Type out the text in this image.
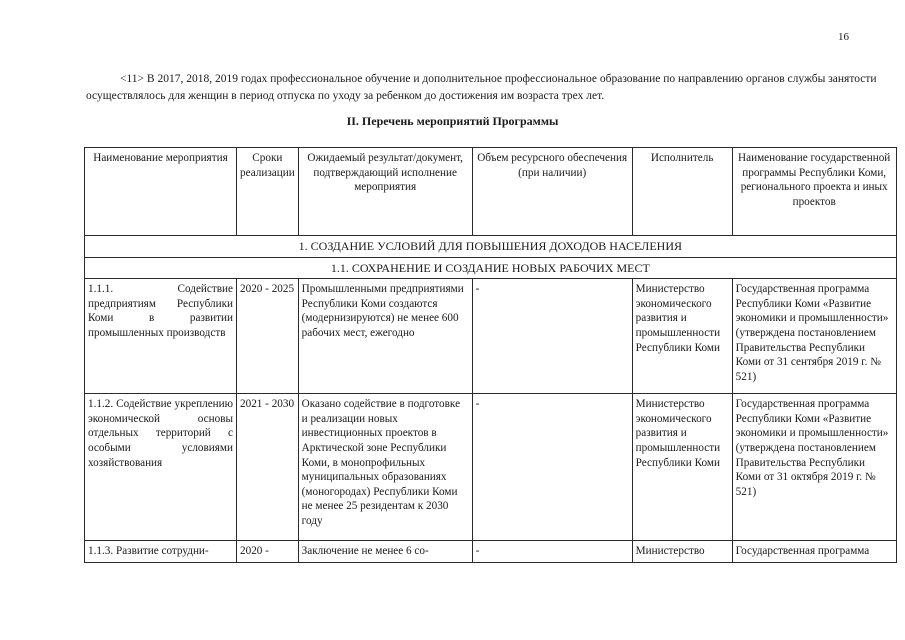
16

<11> В 2017, 2018, 2019 годах профессиональное обучение и дополнительное профессиональное образование по направлению органов службы занятости осуществлялось для женщин в период отпуска по уходу за ребенком до достижения им возраста трех лет.

II. Перечень мероприятий Программы
Наименование мероприятия	Сроки реализации	Ожидаемый результат/документ, подтверждающий исполнение мероприятия	Объем ресурсного обеспечения (при наличии)	Исполнитель	Наименование государственной программы Республики Коми, регионального проекта и иных проектов
1. СОЗДАНИЕ УСЛОВИЙ ДЛЯ ПОВЫШЕНИЯ ДОХОДОВ НАСЕЛЕНИЯ					
1.1. СОХРАНЕНИЕ И СОЗДАНИЕ НОВЫХ РАБОЧИХ МЕСТ					
1.1.1. Содействие предприятиям Республики Коми в развитии промышленных производств	2020 - 2025	Промышленными предприятиями Республики Коми создаются (модернизируются) не менее 600 рабочих мест, ежегодно	-	Министерство экономического развития и промышленности Республики Коми	Государственная программа Республики Коми «Развитие экономики и промышленности» (утверждена постановлением Правительства Республики Коми от 31 сентября 2019 г. № 521)
1.1.2. Содействие укреплению экономической основы отдельных территорий с особыми условиями хозяйствования	2021 - 2030	Оказано содействие в подготовке и реализации новых инвестиционных проектов в Арктической зоне Республики Коми, в монопрофильных муниципальных образованиях (моногородах) Республики Коми не менее 25 резидентам к 2030 году	-	Министерство экономического развития и промышленности Республики Коми	Государственная программа Республики Коми «Развитие экономики и промышленности» (утверждена постановлением Правительства Республики Коми от 31 октября 2019 г. № 521)
1.1.3. Развитие сотрудни-	2020 -	Заключение не менее 6 со-	-	Министерство	Государственная программа
